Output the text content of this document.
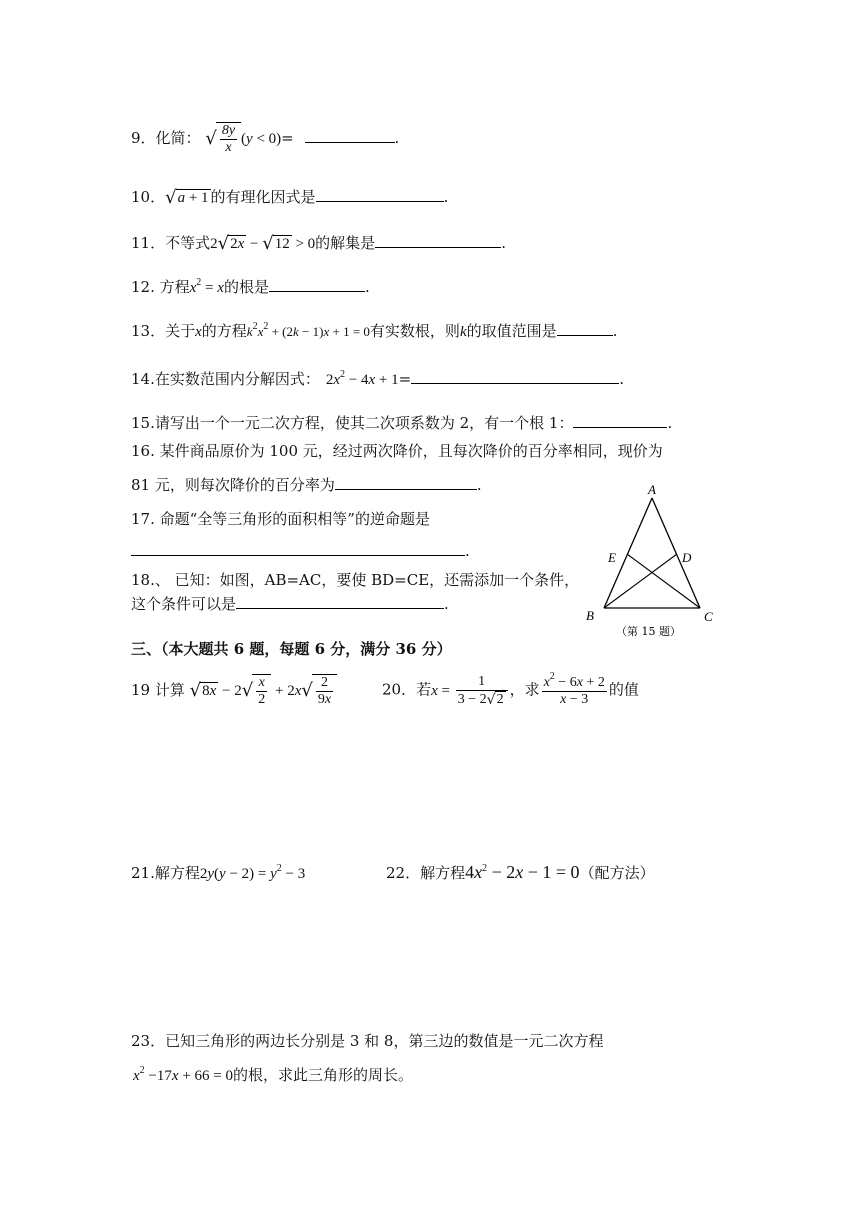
9．化简： √ $\frac{8y}{x} (y < 0)=$	.
10．√a + 1 的有理化因式是	.
11．不等式2√2x − √12 > 0的解集是	.
12. 方程$x^2 = x$的根是	.
13．关于x的方程$k^2x^2 + (2k - 1)x + 1 = 0$有实数根，则k的取值范围是	.
14.在实数范围内分解因式： $2x^2 - 4x + 1=$	.
15.请写出一个一元二次方程，使其二次项系数为 2，有一个根 1：	.
16. 某件商品原价为 100 元，经过两次降价，且每次降价的百分率相同，现价为
81 元，则每次降价的百分率为	.
17. 命题“全等三角形的面积相等”的逆命题是
.
18.、 已知：如图，AB=AC，要使 BD=CE，还需添加一个条件，
这个条件可以是	.
A
E	D
B	C
（第 15 题）
三、（本大题共 6 题，每题 6 分，满分 36 分）
19 计算 $√8x - 2√ \frac{x}{2} + 2x√ \frac{2}{9x}$	20．若$x = \frac{1}{3 - 2√2}$ ，求 $\frac{x^2 - 6x + 2}{x - 3}$ 的值
21.解方程$2y(y - 2) = y^2 - 3$	22．解方程$4x^2 - 2x - 1 = 0$（配方法）
23．已知三角形的两边长分别是 3 和 8，第三边的数值是一元二次方程
$x^2 -17x + 66 = 0$的根，求此三角形的周长。
